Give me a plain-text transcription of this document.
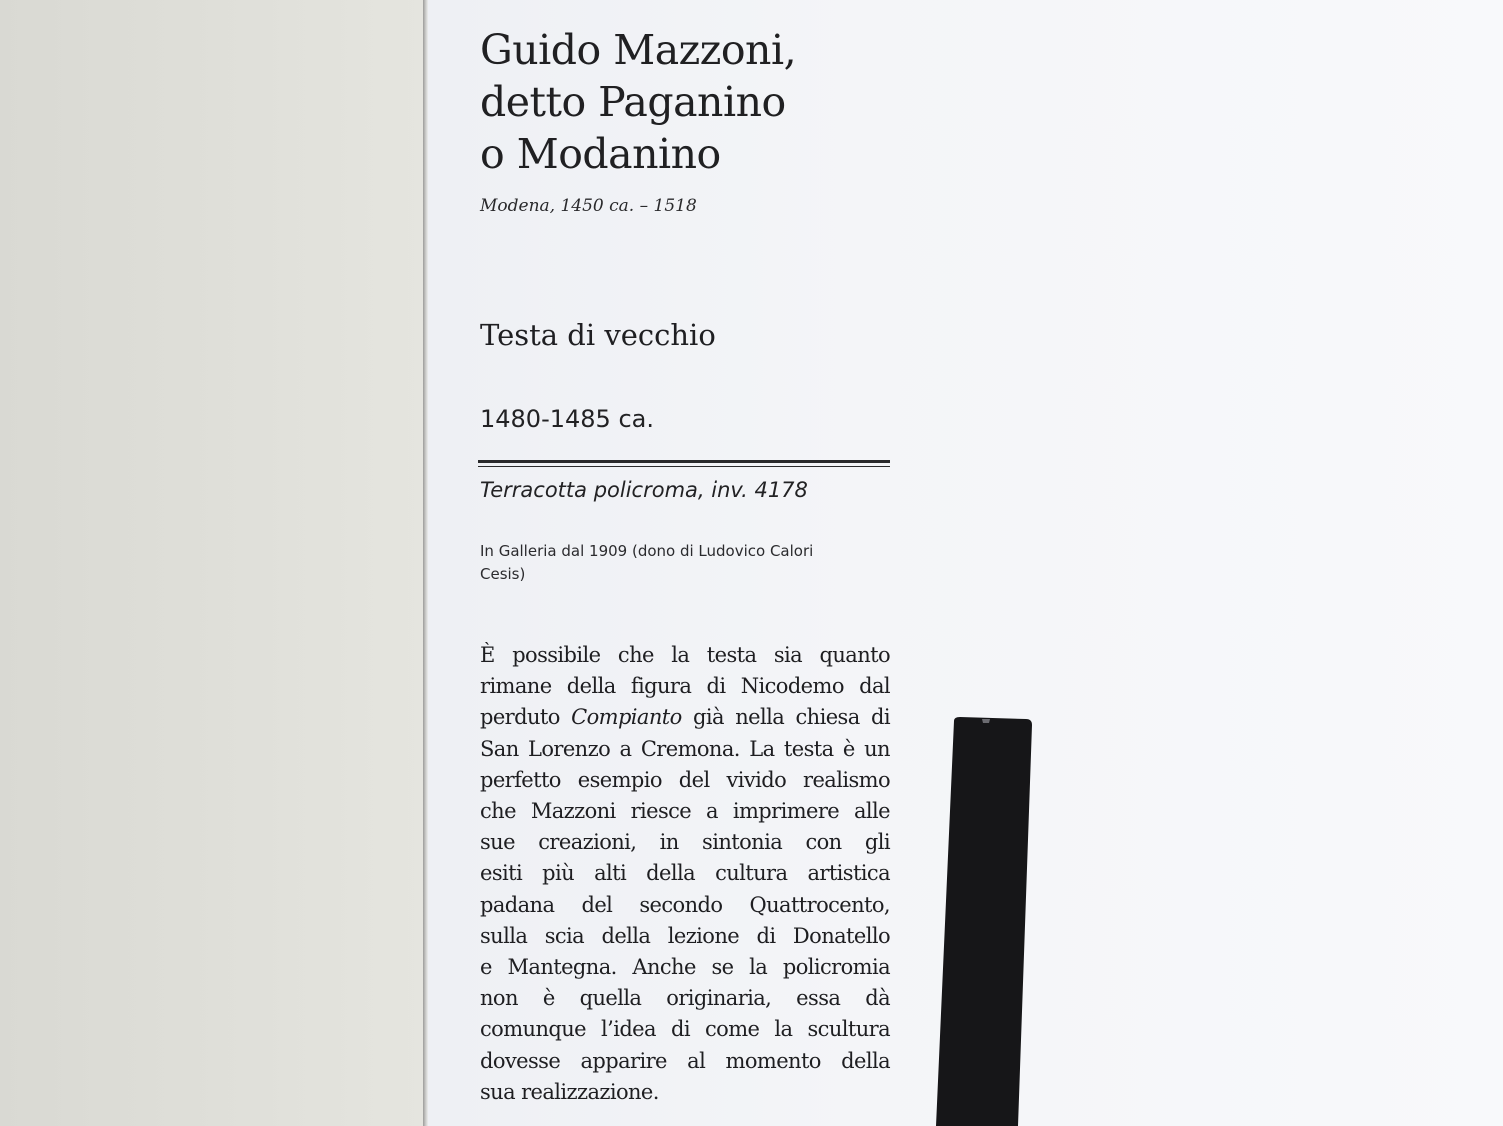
Guido Mazzoni,
detto Paganino
o Modanino
Modena, 1450 ca. – 1518
Testa di vecchio
1480-1485 ca.
Terracotta policroma, inv. 4178
In Galleria dal 1909 (dono di Ludovico Calori Cesis)

È possibile che la testa sia quanto
rimane della figura di Nicodemo dal
perduto Compianto già nella chiesa di
San Lorenzo a Cremona. La testa è un
perfetto esempio del vivido realismo
che Mazzoni riesce a imprimere alle
sue creazioni, in sintonia con gli
esiti più alti della cultura artistica
padana del secondo Quattrocento,
sulla scia della lezione di Donatello
e Mantegna. Anche se la policromia
non è quella originaria, essa dà
comunque l’idea di come la scultura
dovesse apparire al momento della
sua realizzazione.
